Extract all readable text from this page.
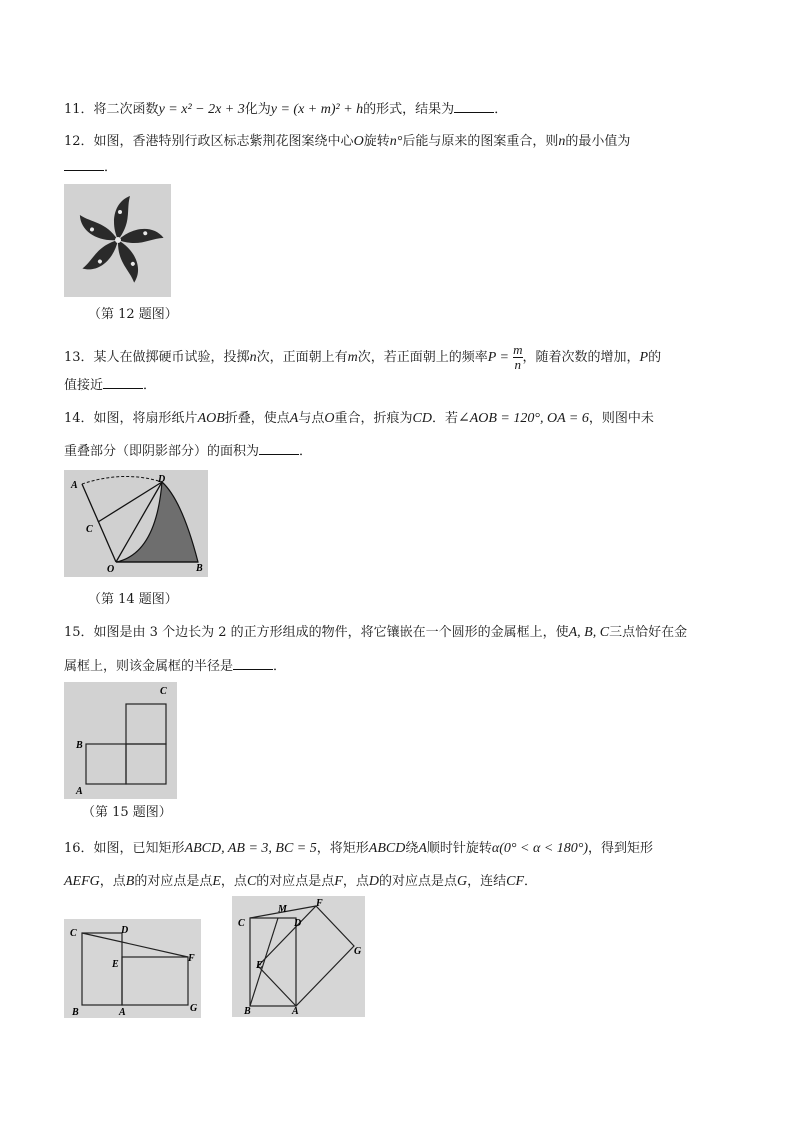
11．将二次函数y = x² − 2x + 3化为y = (x + m)² + h的形式，结果为	．
12．如图，香港特别行政区标志紫荆花图案绕中心O旋转n°后能与原来的图案重合，则n的最小值为
．
（第 12 题图）
13．某人在做掷硬币试验，投掷n次，正面朝上有m次，若正面朝上的频率$P = \frac{m}{n}$ ，随着次数的增加，P的
值接近	．
14．如图，将扇形纸片AOB折叠，使点A与点O重合，折痕为CD．若∠AOB = 120°, OA = 6，则图中未
重叠部分（即阴影部分）的面积为	．
A
C
D
O	B
（第 14 题图）
15．如图是由 3 个边长为 2 的正方形组成的物件，将它镶嵌在一个圆形的金属框上，使A, B, C三点恰好在金
属框上，则该金属框的半径是	．
B
A
C
（第 15 题图）
16．如图，已知矩形ABCD, AB = 3, BC = 5，将矩形ABCD绕A顺时针旋转α(0° < α < 180°)，得到矩形
AEFG，点B的对应点是点E，点C的对应点是点F，点D的对应点是点G，连结CF．
C	D
E
F
B	A	G
M
F
C	D
E
G
B	A
